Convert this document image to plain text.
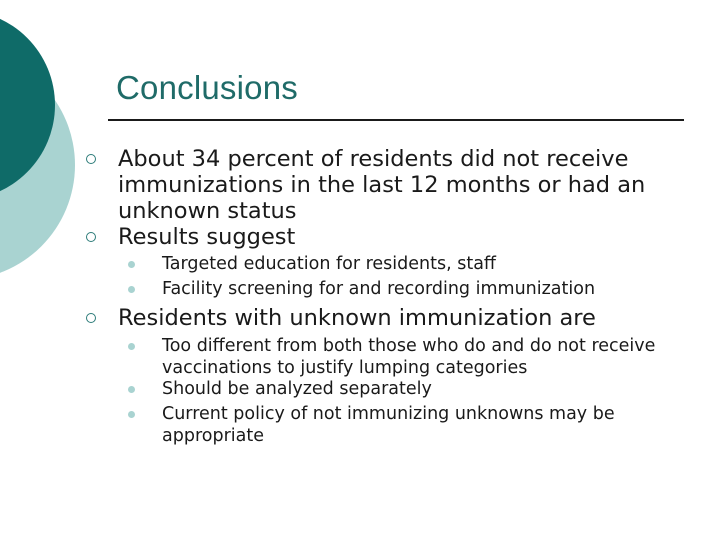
Conclusions
About 34 percent of residents did not receive immunizations in the last 12 months or had an unknown status
Results suggest
Targeted education for residents, staff
Facility screening for and recording immunization
Residents with unknown immunization are
Too different from both those who do and do not receive vaccinations to justify lumping categories
Should be analyzed separately
Current policy of not immunizing unknowns may be appropriate
